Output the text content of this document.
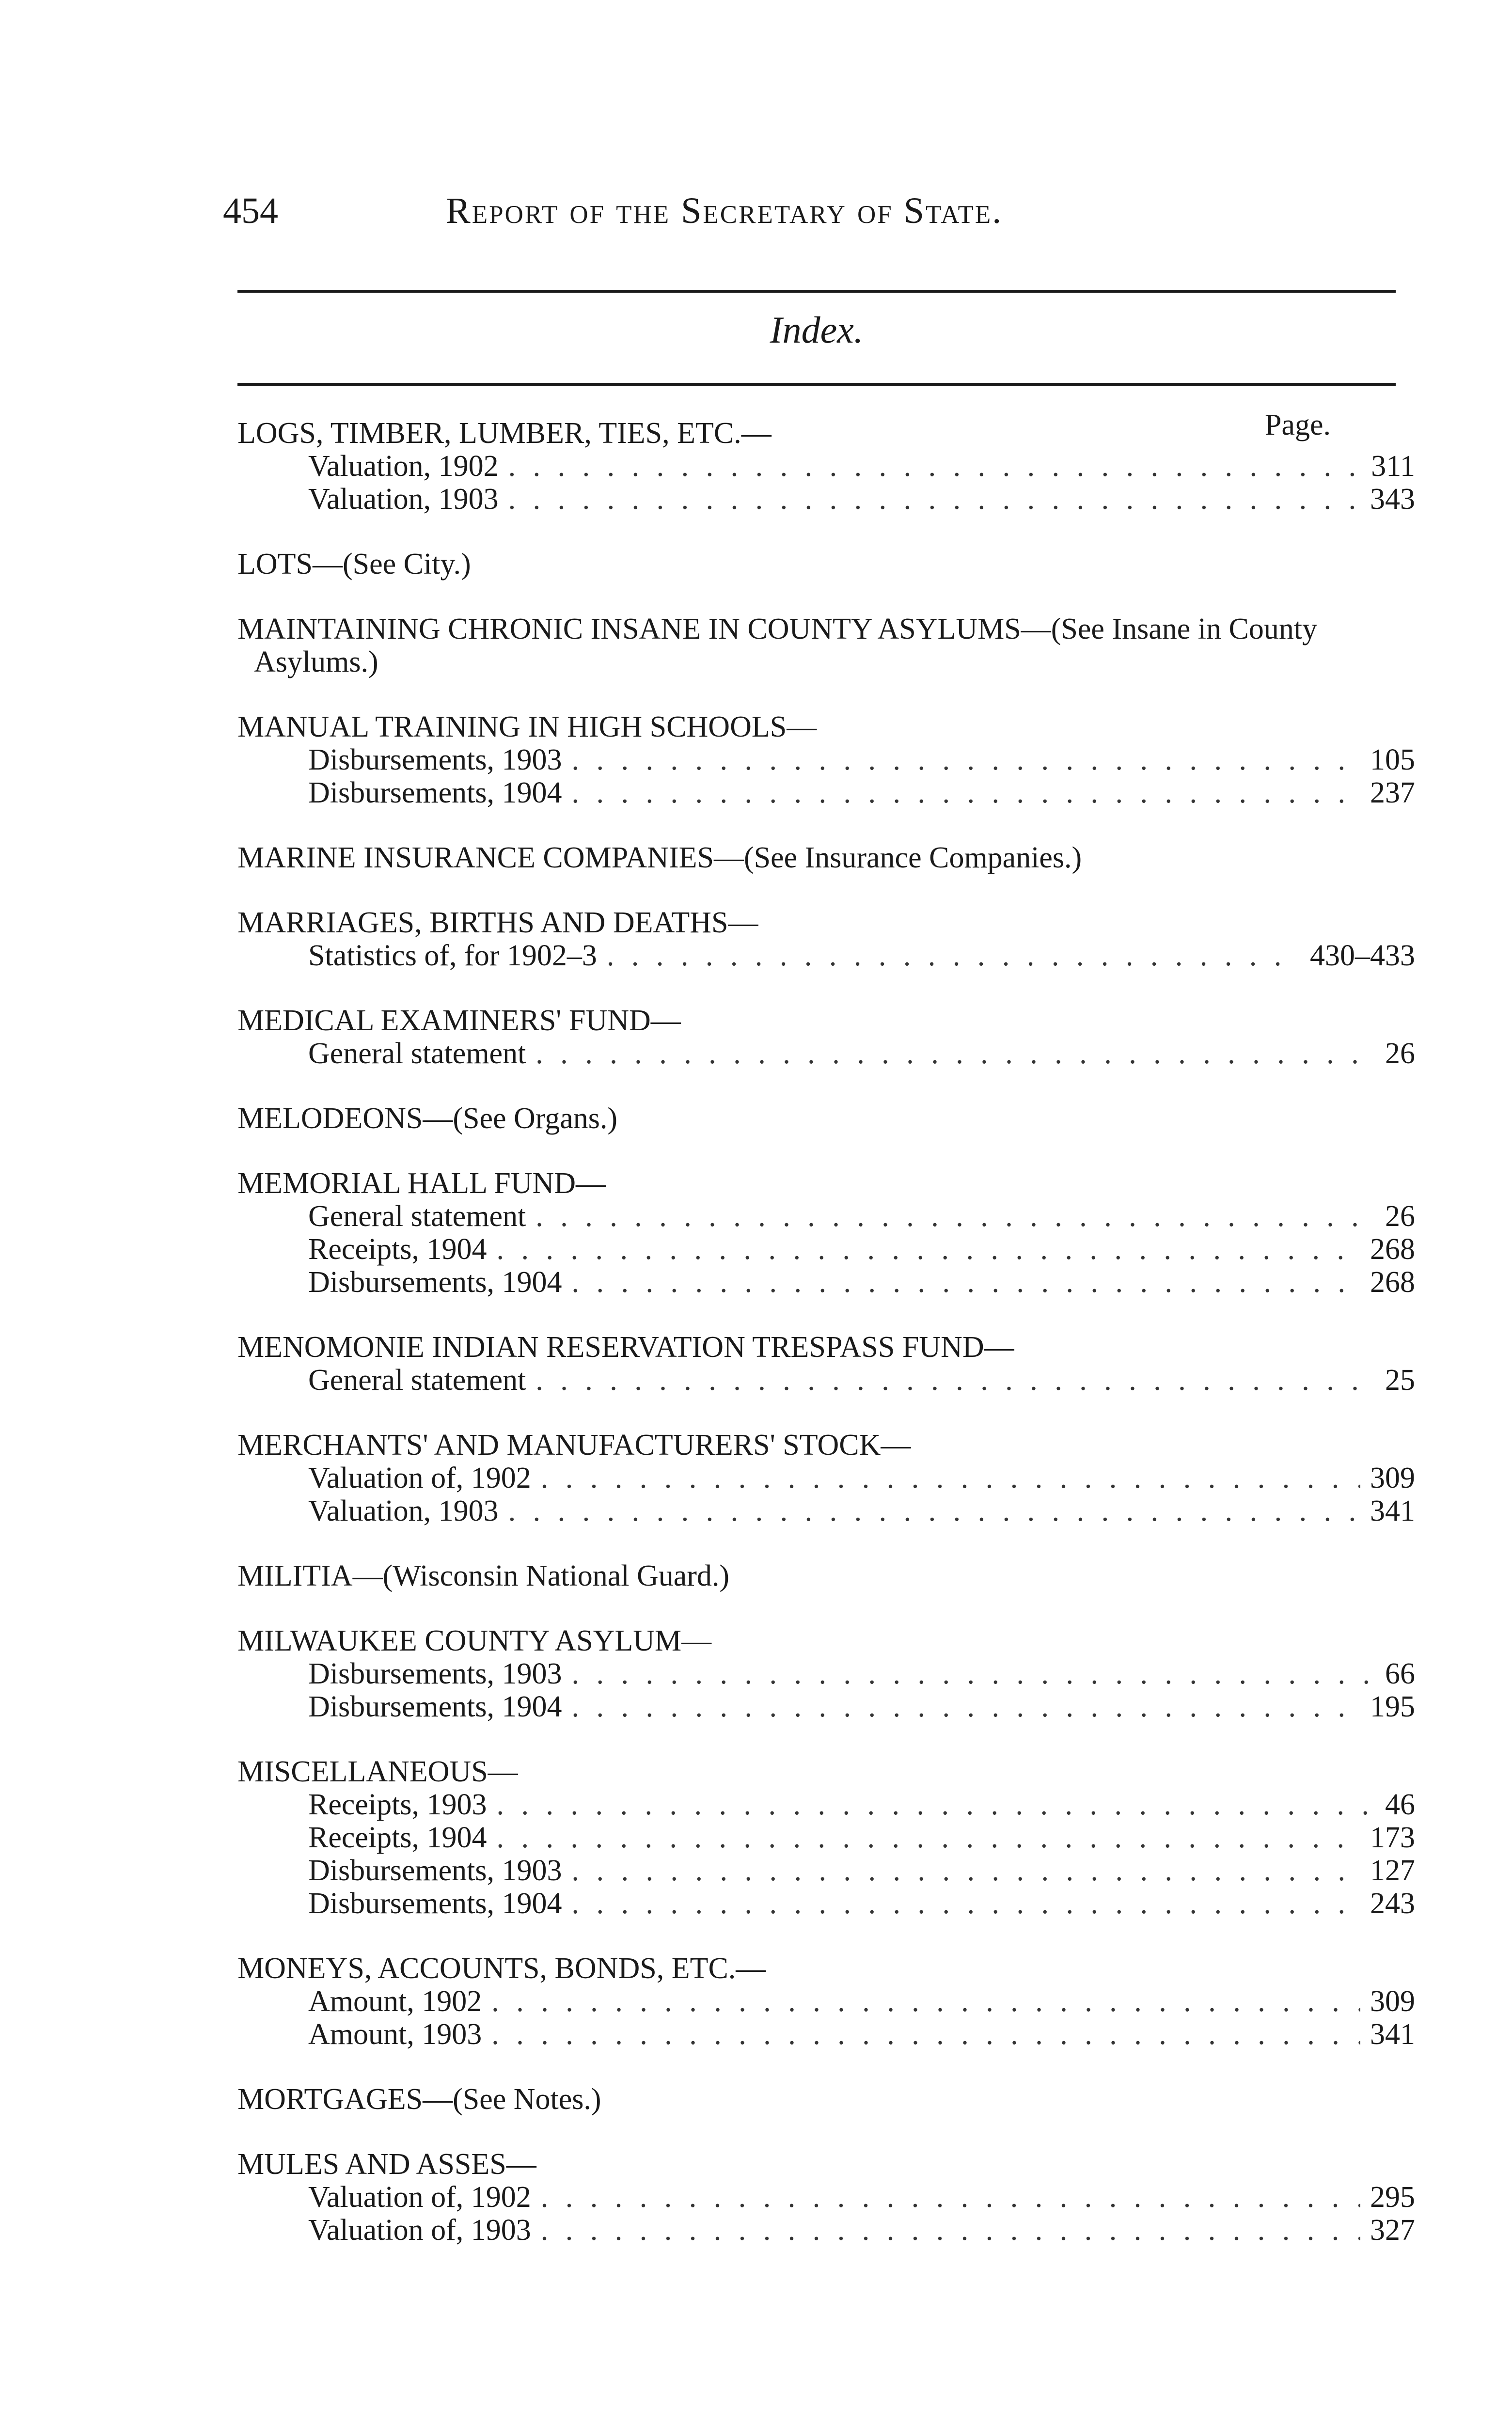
454	Report of the Secretary of State.
Index.
Page.
LOGS, TIMBER, LUMBER, TIES, ETC.—
Valuation, 1902 . . .	311
Valuation, 1903 . . .	343
LOTS—(See City.)
MAINTAINING CHRONIC INSANE IN COUNTY ASYLUMS—(See Insane in County Asylums.)
MANUAL TRAINING IN HIGH SCHOOLS—
Disbursements, 1903 . . .	105
Disbursements, 1904 . . .	237
MARINE INSURANCE COMPANIES—(See Insurance Companies.)
MARRIAGES, BIRTHS AND DEATHS—
Statistics of, for 1902–3 . . .	430–433
MEDICAL EXAMINERS' FUND—
General statement . . .	26
MELODEONS—(See Organs.)
MEMORIAL HALL FUND—
General statement . . .	26
Receipts, 1904 . . .	268
Disbursements, 1904 . . .	268
MENOMONIE INDIAN RESERVATION TRESPASS FUND—
General statement . . .	25
MERCHANTS' AND MANUFACTURERS' STOCK—
Valuation of, 1902 . . .	309
Valuation, 1903 . . .	341
MILITIA—(Wisconsin National Guard.)
MILWAUKEE COUNTY ASYLUM—
Disbursements, 1903 . . .	66
Disbursements, 1904 . . .	195
MISCELLANEOUS—
Receipts, 1903 . . .	46
Receipts, 1904 . . .	173
Disbursements, 1903 . . .	127
Disbursements, 1904 . . .	243
MONEYS, ACCOUNTS, BONDS, ETC.—
Amount, 1902 . . .	309
Amount, 1903 . . .	341
MORTGAGES—(See Notes.)
MULES AND ASSES—
Valuation of, 1902 . . .	295
Valuation of, 1903 . . .	327
